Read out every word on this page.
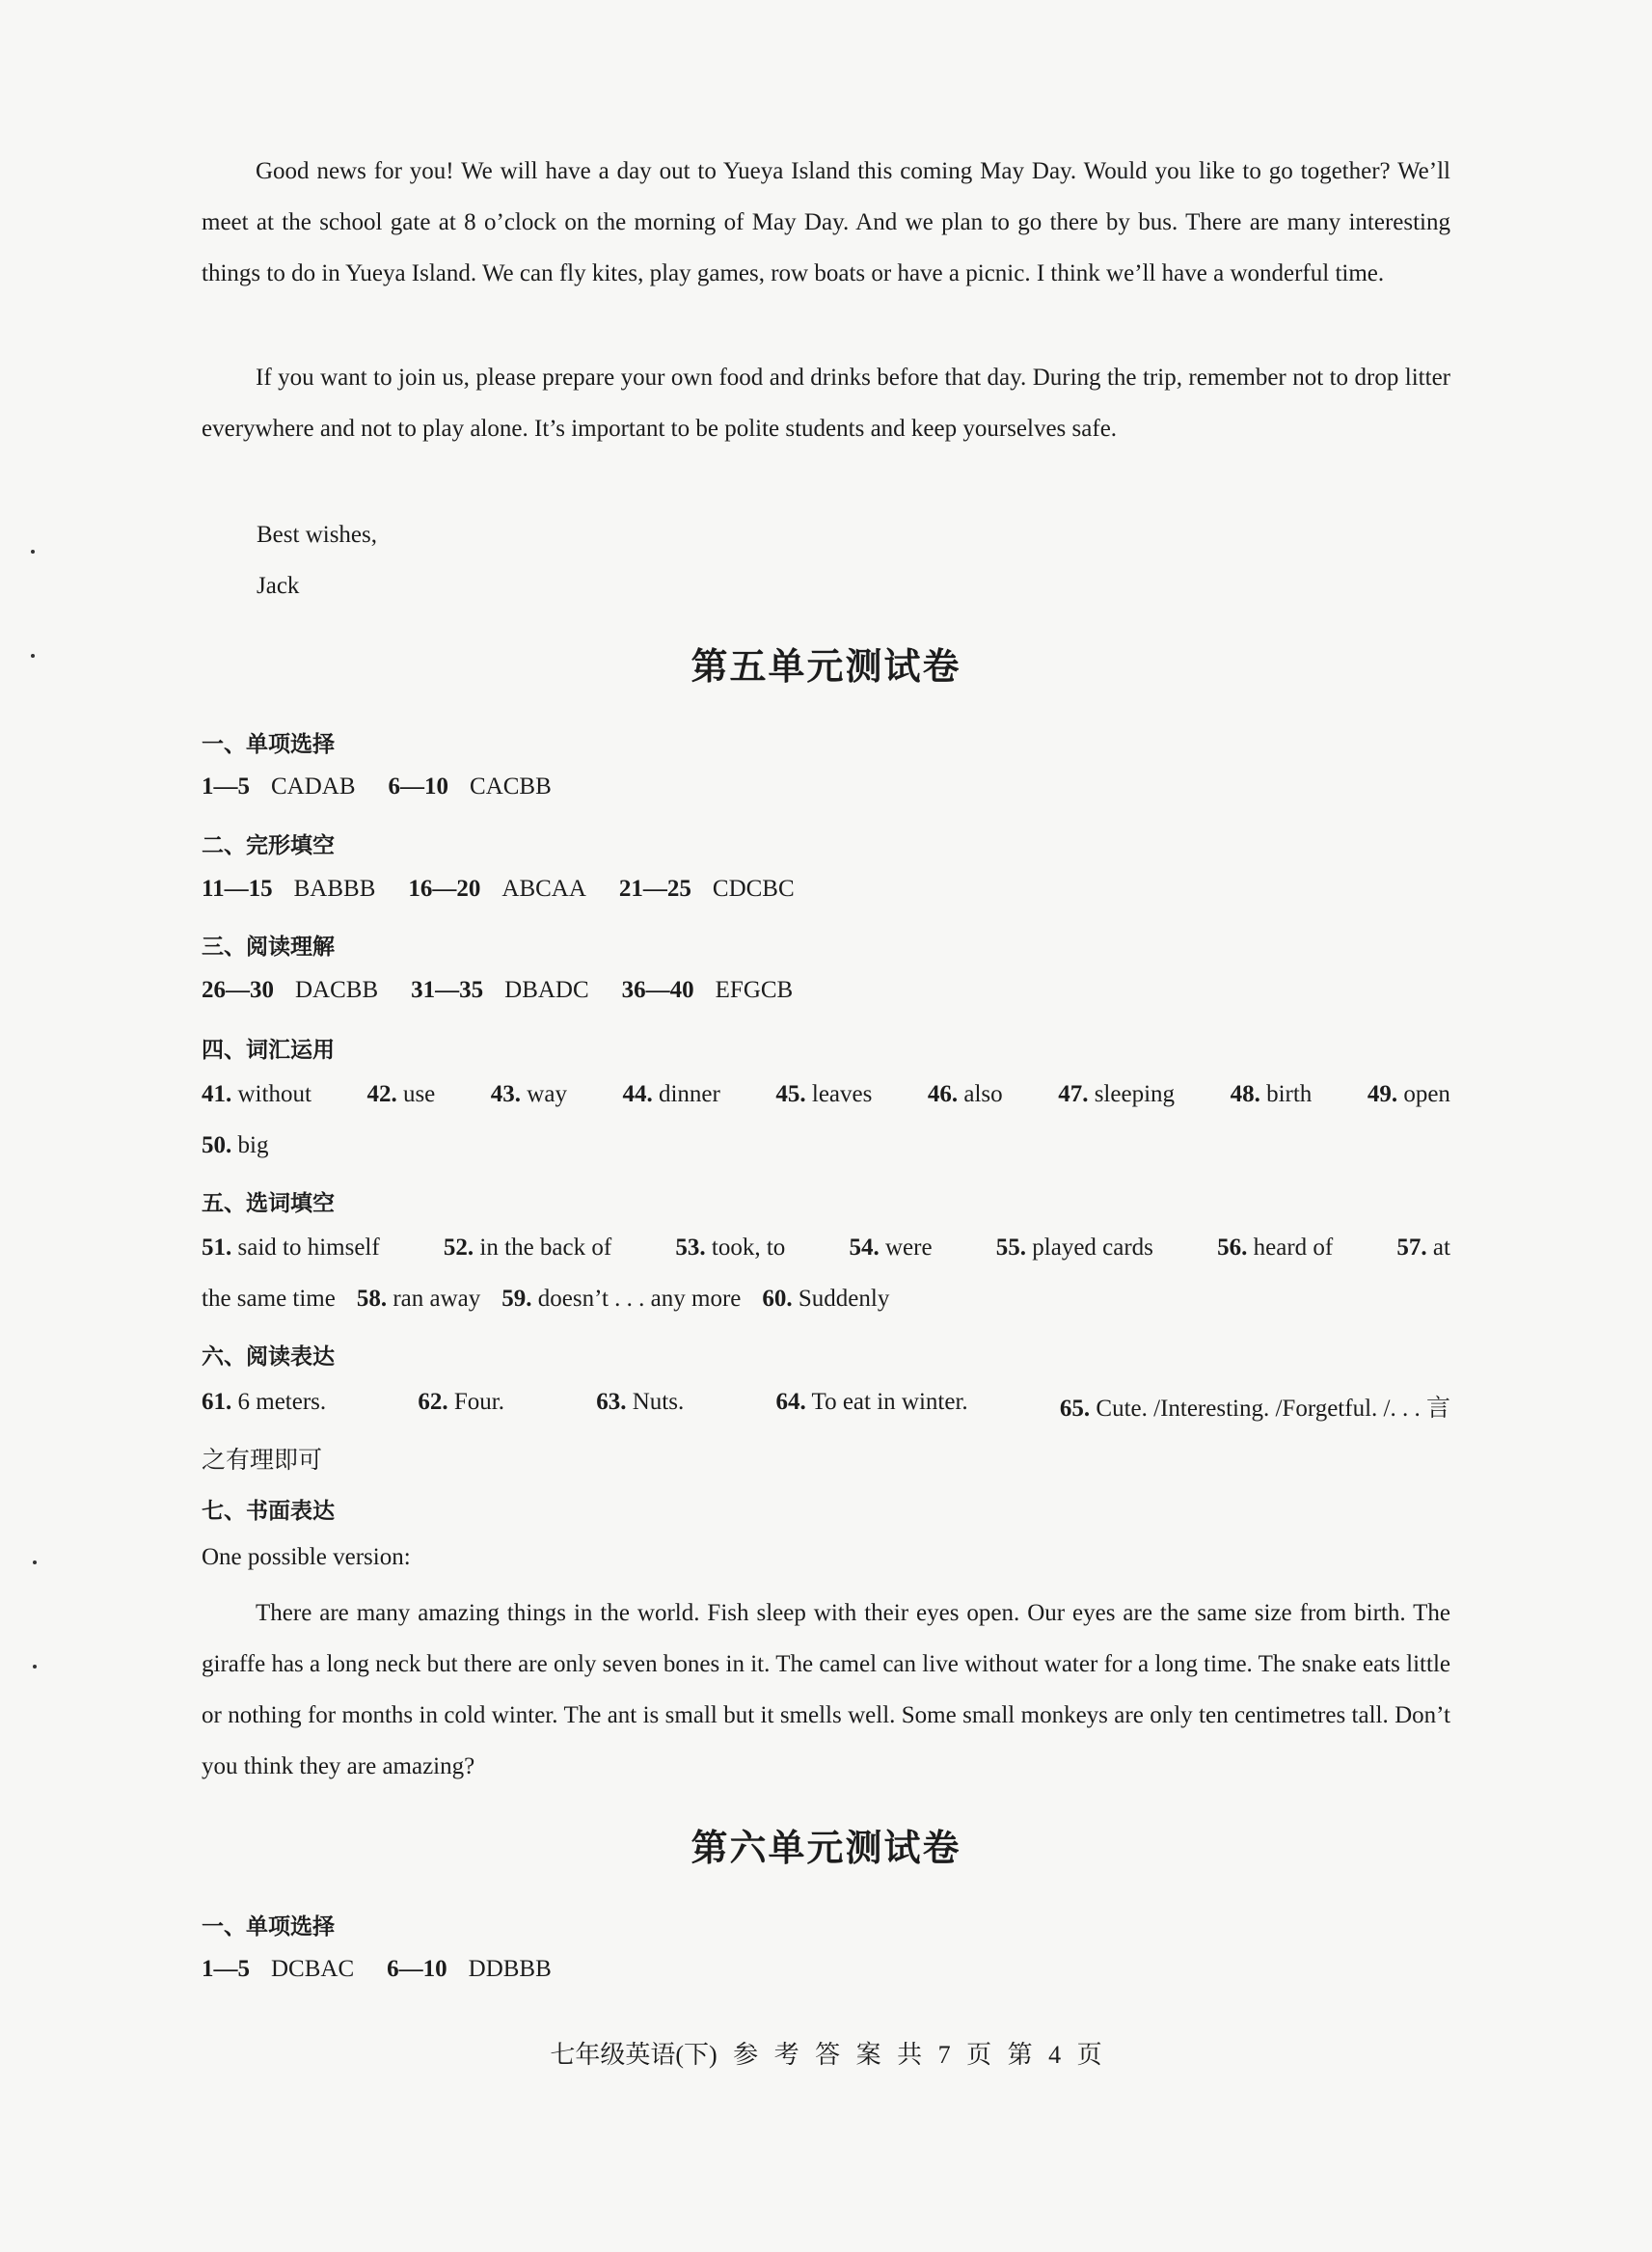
Good news for you! We will have a day out to Yueya Island this coming May Day. Would you like to go together? We’ll meet at the school gate at 8 o’clock on the morning of May Day. And we plan to go there by bus. There are many interesting things to do in Yueya Island. We can fly kites, play games, row boats or have a picnic. I think we’ll have a wonderful time.

If you want to join us, please prepare your own food and drinks before that day. During the trip, remember not to drop litter everywhere and not to play alone. It’s important to be polite students and keep yourselves safe.

Best wishes,
Jack
第五单元测试卷
一、单项选择
1—5 CADAB 6—10 CACBB
二、完形填空
11—15 BABBB 16—20 ABCAA 21—25 CDCBC
三、阅读理解
26—30 DACBB 31—35 DBADC 36—40 EFGCB
四、词汇运用
41. without 42. use 43. way 44. dinner 45. leaves 46. also 47. sleeping 48. birth 49. open
50. big
五、选词填空
51. said to himself	52. in the back of	53. took, to	54. were	55. played cards	56. heard of	57. at
the same time 58. ran away 59. doesn’t . . . any more 60. Suddenly
六、阅读表达
61. 6 meters.	62. Four.	63. Nuts.	64. To eat in winter.	65. Cute. /Interesting. /Forgetful. /. . . 言
之有理即可
七、书面表达
One possible version:

There are many amazing things in the world. Fish sleep with their eyes open. Our eyes are the same size from birth. The giraffe has a long neck but there are only seven bones in it. The camel can live without water for a long time. The snake eats little or nothing for months in cold winter. The ant is small but it smells well. Some small monkeys are only ten centimetres tall. Don’t you think they are amazing?

第六单元测试卷
一、单项选择
1—5 DCBAC 6—10 DDBBB
七年级英语(下) 参 考 答 案 共 7 页 第 4 页
